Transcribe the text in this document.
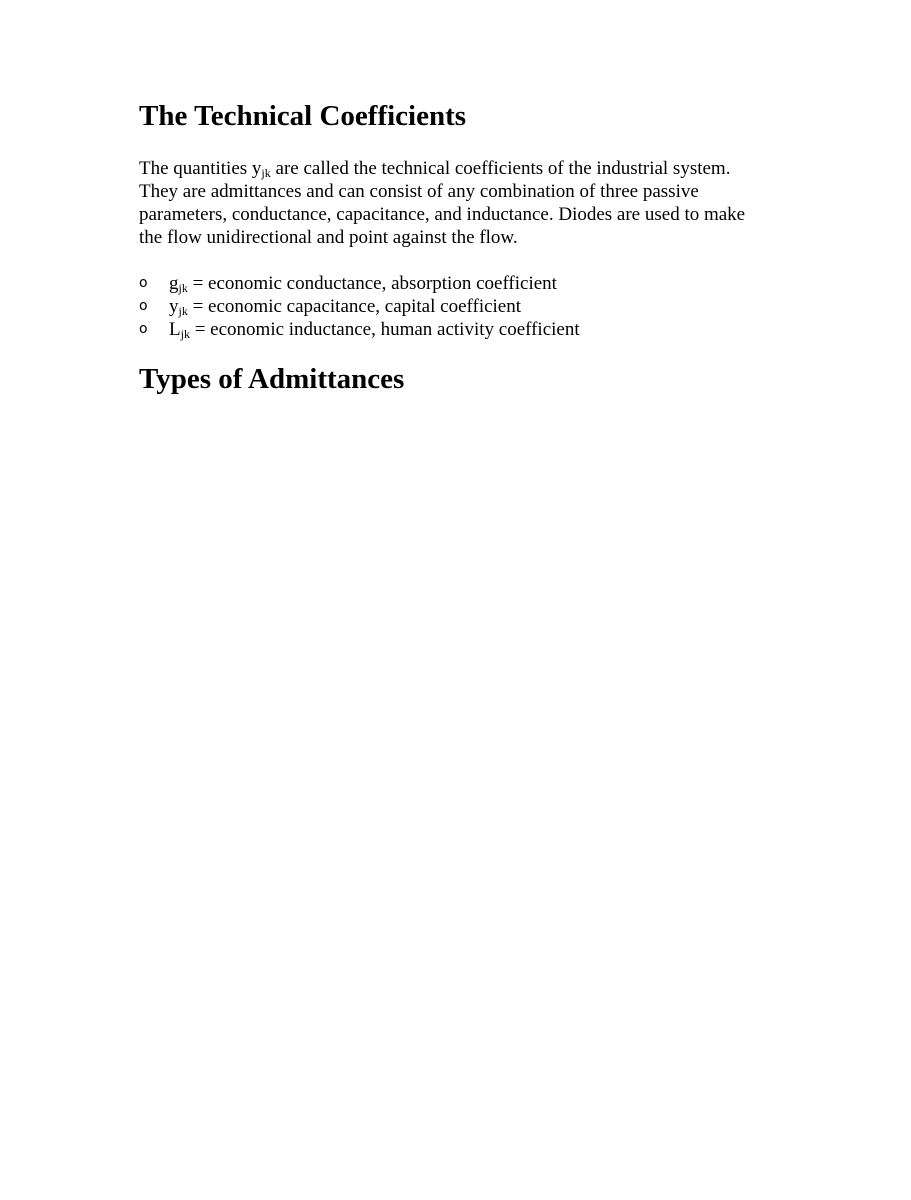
The Technical Coefficients

The quantities $y_{jk}$ are called the technical coefficients of the industrial system.
They are admittances and can consist of any combination of three passive
parameters, conductance, capacitance, and inductance. Diodes are used to make
the flow unidirectional and point against the flow.

o $g_{jk}$ = economic conductance, absorption coefficient
o $y_{jk}$ = economic capacitance, capital coefficient
o $L_{jk}$ = economic inductance, human activity coefficient
Types of Admittances
